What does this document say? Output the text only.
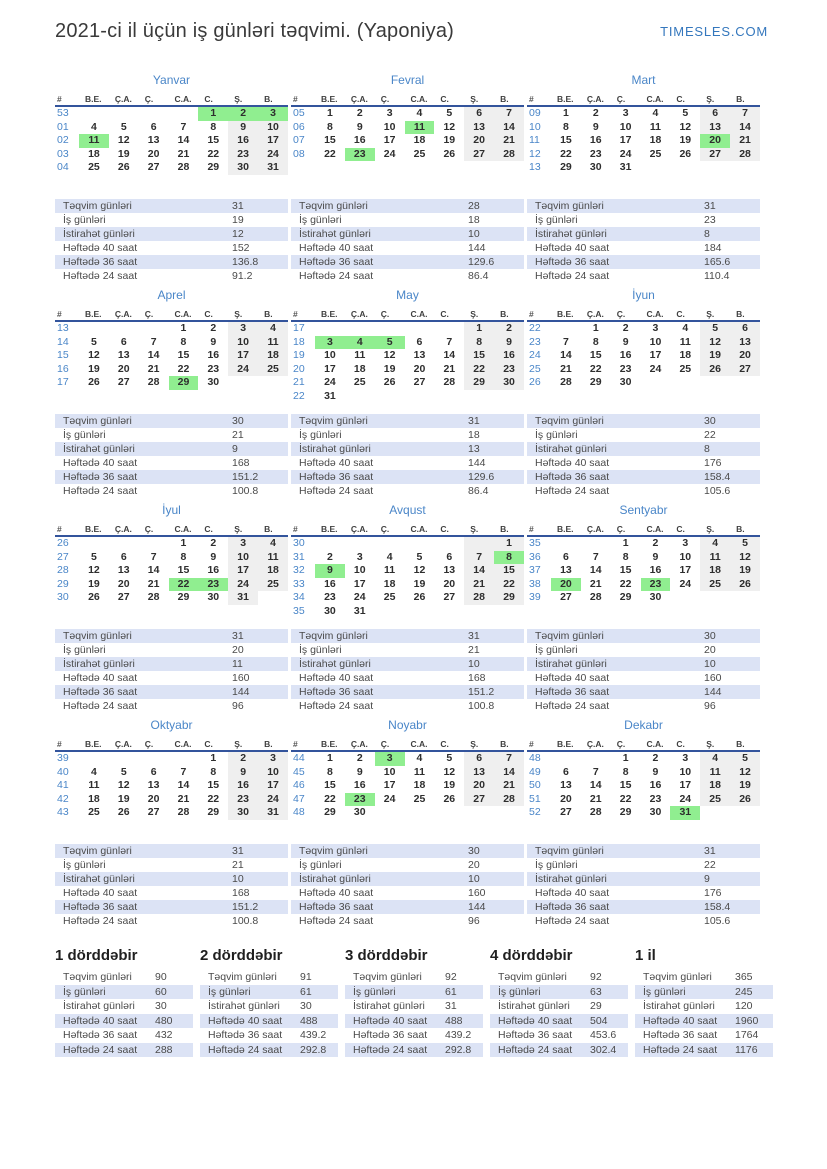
2021-ci il üçün iş günləri təqvimi. (Yaponiya)	TIMESLES.COM
Yanvar
#	B.E.	Ç.A.	Ç.	C.A.	C.	Ş.	B.
53					1	2	3
01	4	5	6	7	8	9	10
02	11	12	13	14	15	16	17
03	18	19	20	21	22	23	24
04	25	26	27	28	29	30	31
Təqvim günləri	31
İş günləri	19
İstirahət günləri	12
Həftədə 40 saat	152
Həftədə 36 saat	136.8
Həftədə 24 saat	91.2
Fevral
#	B.E.	Ç.A.	Ç.	C.A.	C.	Ş.	B.
05	1	2	3	4	5	6	7
06	8	9	10	11	12	13	14
07	15	16	17	18	19	20	21
08	22	23	24	25	26	27	28
Təqvim günləri	28
İş günləri	18
İstirahət günləri	10
Həftədə 40 saat	144
Həftədə 36 saat	129.6
Həftədə 24 saat	86.4
Mart
#	B.E.	Ç.A.	Ç.	C.A.	C.	Ş.	B.
09	1	2	3	4	5	6	7
10	8	9	10	11	12	13	14
11	15	16	17	18	19	20	21
12	22	23	24	25	26	27	28
13	29	30	31				
Təqvim günləri	31
İş günləri	23
İstirahət günləri	8
Həftədə 40 saat	184
Həftədə 36 saat	165.6
Həftədə 24 saat	110.4
Aprel
#	B.E.	Ç.A.	Ç.	C.A.	C.	Ş.	B.
13				1	2	3	4
14	5	6	7	8	9	10	11
15	12	13	14	15	16	17	18
16	19	20	21	22	23	24	25
17	26	27	28	29	30		
Təqvim günləri	30
İş günləri	21
İstirahət günləri	9
Həftədə 40 saat	168
Həftədə 36 saat	151.2
Həftədə 24 saat	100.8
May
#	B.E.	Ç.A.	Ç.	C.A.	C.	Ş.	B.
17						1	2
18	3	4	5	6	7	8	9
19	10	11	12	13	14	15	16
20	17	18	19	20	21	22	23
21	24	25	26	27	28	29	30
22	31						
Təqvim günləri	31
İş günləri	18
İstirahət günləri	13
Həftədə 40 saat	144
Həftədə 36 saat	129.6
Həftədə 24 saat	86.4
İyun
#	B.E.	Ç.A.	Ç.	C.A.	C.	Ş.	B.
22		1	2	3	4	5	6
23	7	8	9	10	11	12	13
24	14	15	16	17	18	19	20
25	21	22	23	24	25	26	27
26	28	29	30				
Təqvim günləri	30
İş günləri	22
İstirahət günləri	8
Həftədə 40 saat	176
Həftədə 36 saat	158.4
Həftədə 24 saat	105.6
İyul
#	B.E.	Ç.A.	Ç.	C.A.	C.	Ş.	B.
26				1	2	3	4
27	5	6	7	8	9	10	11
28	12	13	14	15	16	17	18
29	19	20	21	22	23	24	25
30	26	27	28	29	30	31	
Təqvim günləri	31
İş günləri	20
İstirahət günləri	11
Həftədə 40 saat	160
Həftədə 36 saat	144
Həftədə 24 saat	96
Avqust
#	B.E.	Ç.A.	Ç.	C.A.	C.	Ş.	B.
30							1
31	2	3	4	5	6	7	8
32	9	10	11	12	13	14	15
33	16	17	18	19	20	21	22
34	23	24	25	26	27	28	29
35	30	31					
Təqvim günləri	31
İş günləri	21
İstirahət günləri	10
Həftədə 40 saat	168
Həftədə 36 saat	151.2
Həftədə 24 saat	100.8
Sentyabr
#	B.E.	Ç.A.	Ç.	C.A.	C.	Ş.	B.
35			1	2	3	4	5
36	6	7	8	9	10	11	12
37	13	14	15	16	17	18	19
38	20	21	22	23	24	25	26
39	27	28	29	30			
Təqvim günləri	30
İş günləri	20
İstirahət günləri	10
Həftədə 40 saat	160
Həftədə 36 saat	144
Həftədə 24 saat	96
Oktyabr
#	B.E.	Ç.A.	Ç.	C.A.	C.	Ş.	B.
39					1	2	3
40	4	5	6	7	8	9	10
41	11	12	13	14	15	16	17
42	18	19	20	21	22	23	24
43	25	26	27	28	29	30	31
Təqvim günləri	31
İş günləri	21
İstirahət günləri	10
Həftədə 40 saat	168
Həftədə 36 saat	151.2
Həftədə 24 saat	100.8
Noyabr
#	B.E.	Ç.A.	Ç.	C.A.	C.	Ş.	B.
44	1	2	3	4	5	6	7
45	8	9	10	11	12	13	14
46	15	16	17	18	19	20	21
47	22	23	24	25	26	27	28
48	29	30					
Təqvim günləri	30
İş günləri	20
İstirahət günləri	10
Həftədə 40 saat	160
Həftədə 36 saat	144
Həftədə 24 saat	96
Dekabr
#	B.E.	Ç.A.	Ç.	C.A.	C.	Ş.	B.
48			1	2	3	4	5
49	6	7	8	9	10	11	12
50	13	14	15	16	17	18	19
51	20	21	22	23	24	25	26
52	27	28	29	30	31		
Təqvim günləri	31
İş günləri	22
İstirahət günləri	9
Həftədə 40 saat	176
Həftədə 36 saat	158.4
Həftədə 24 saat	105.6
1 dörddəbir
Təqvim günləri	90
İş günləri	60
İstirahət günləri	30
Həftədə 40 saat	480
Həftədə 36 saat	432
Həftədə 24 saat	288
2 dörddəbir
Təqvim günləri	91
İş günləri	61
İstirahət günləri	30
Həftədə 40 saat	488
Həftədə 36 saat	439.2
Həftədə 24 saat	292.8
3 dörddəbir
Təqvim günləri	92
İş günləri	61
İstirahət günləri	31
Həftədə 40 saat	488
Həftədə 36 saat	439.2
Həftədə 24 saat	292.8
4 dörddəbir
Təqvim günləri	92
İş günləri	63
İstirahət günləri	29
Həftədə 40 saat	504
Həftədə 36 saat	453.6
Həftədə 24 saat	302.4
1 il
Təqvim günləri	365
İş günləri	245
İstirahət günləri	120
Həftədə 40 saat	1960
Həftədə 36 saat	1764
Həftədə 24 saat	1176
